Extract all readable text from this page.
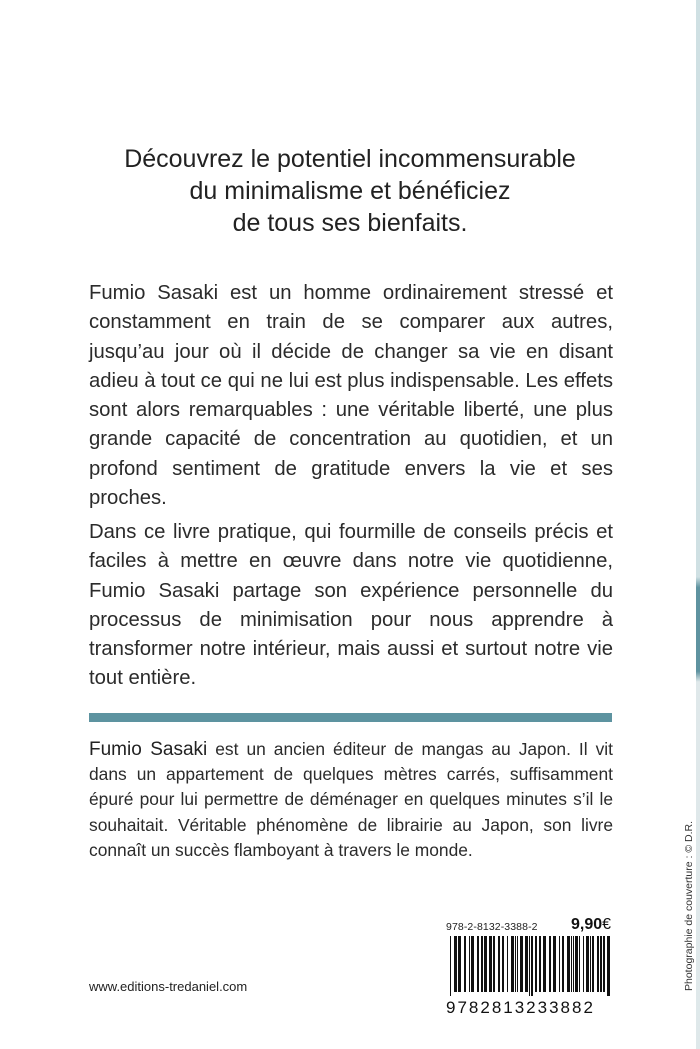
Découvrez le potentiel incommensurable
du minimalisme et bénéficiez
de tous ses bienfaits.

Fumio Sasaki est un homme ordinairement stressé et constamment en train de se comparer aux autres, jusqu’au jour où il décide de changer sa vie en disant adieu à tout ce qui ne lui est plus indispensable. Les effets sont alors remarquables : une véritable liberté, une plus grande capacité de concentration au quotidien, et un profond sentiment de gratitude envers la vie et ses proches.

Dans ce livre pratique, qui fourmille de conseils précis et faciles à mettre en œuvre dans notre vie quotidienne, Fumio Sasaki partage son expérience personnelle du processus de minimisation pour nous apprendre à transformer notre intérieur, mais aussi et surtout notre vie tout entière.

Fumio Sasaki est un ancien éditeur de mangas au Japon. Il vit dans un appartement de quelques mètres carrés, suffisamment épuré pour lui permettre de déménager en quelques minutes s’il le souhaitait. Véritable phénomène de librairie au Japon, son livre connaît un succès flamboyant à travers le monde.

www.editions-tredaniel.com
978-2-8132-3388-2 9,90€
9782813233882
Photographie de couverture : © D.R.
